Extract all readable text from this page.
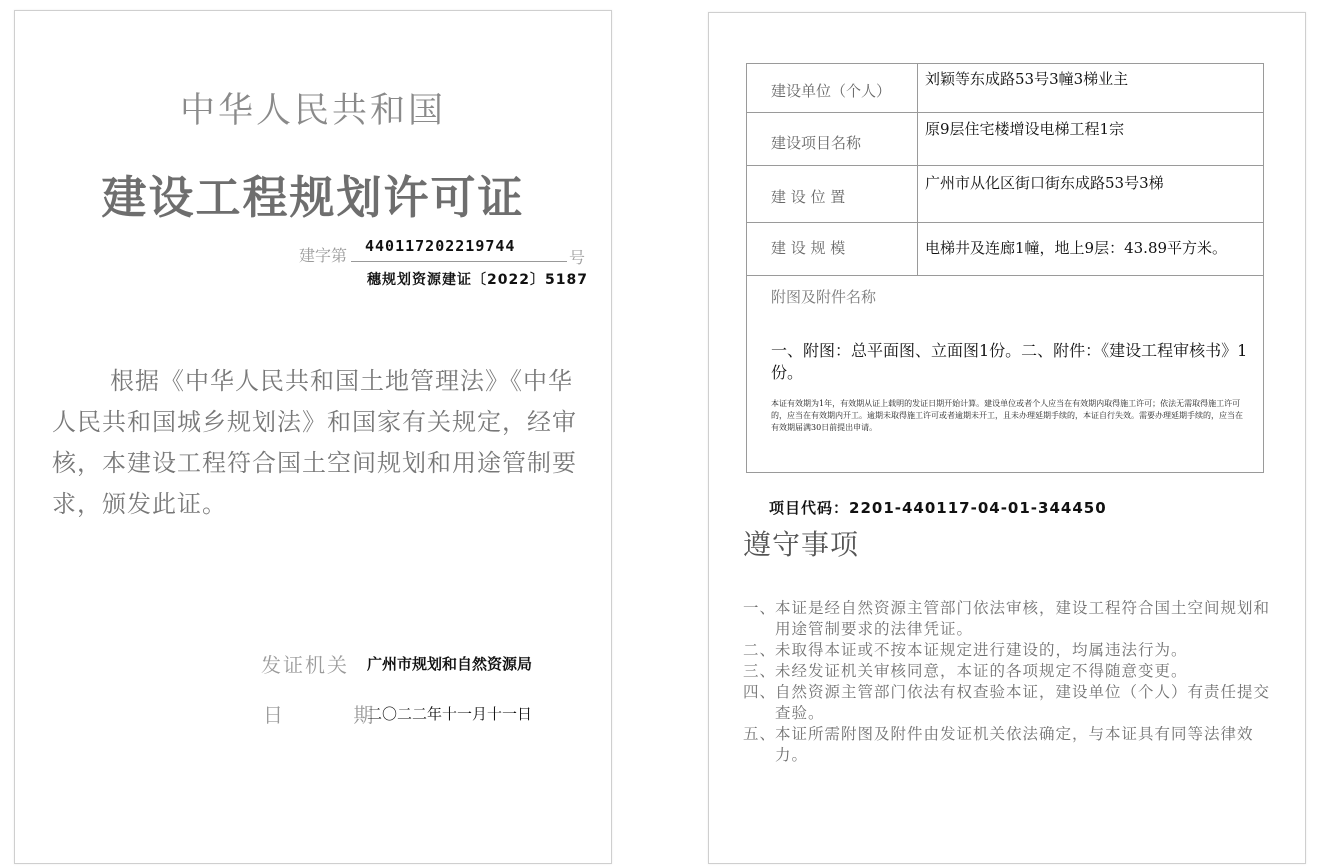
中华人民共和国
建设工程规划许可证
建字第 440117202219744
号
穗规划资源建证〔2022〕5187
根据《中华人民共和国土地管理法》《中华人民共和国城乡规划法》和国家有关规定，经审核，本建设工程符合国土空间规划和用途管制要求，颁发此证。
发证机关 广州市规划和自然资源局
日 期
二〇二二年十一月十一日
建设单位（个人）
刘颖等东成路53号3幢3梯业主
建设项目名称
原9层住宅楼增设电梯工程1宗
建 设 位 置
广州市从化区街口街东成路53号3梯
建 设 规 模	电梯井及连廊1幢，地上9层：43.89平方米。
附图及附件名称
一、附图：总平面图、立面图1份。二、附件：《建设工程审核书》1份。
本证有效期为1年，有效期从证上载明的发证日期开始计算。建设单位或者个人应当在有效期内取得施工许可；依法无需取得施工许可的，应当在有效期内开工。逾期未取得施工许可或者逾期未开工，且未办理延期手续的，本证自行失效。需要办理延期手续的，应当在有效期届满30日前提出申请。
项目代码：2201-440117-04-01-344450
遵守事项
一、
本证是经自然资源主管部门依法审核，建设工程符合国土空间规划和用途管制要求的法律凭证。
二、
未取得本证或不按本证规定进行建设的，均属违法行为。
三、
未经发证机关审核同意，本证的各项规定不得随意变更。
四、
自然资源主管部门依法有权查验本证，建设单位（个人）有责任提交查验。
五、
本证所需附图及附件由发证机关依法确定，与本证具有同等法律效力。
